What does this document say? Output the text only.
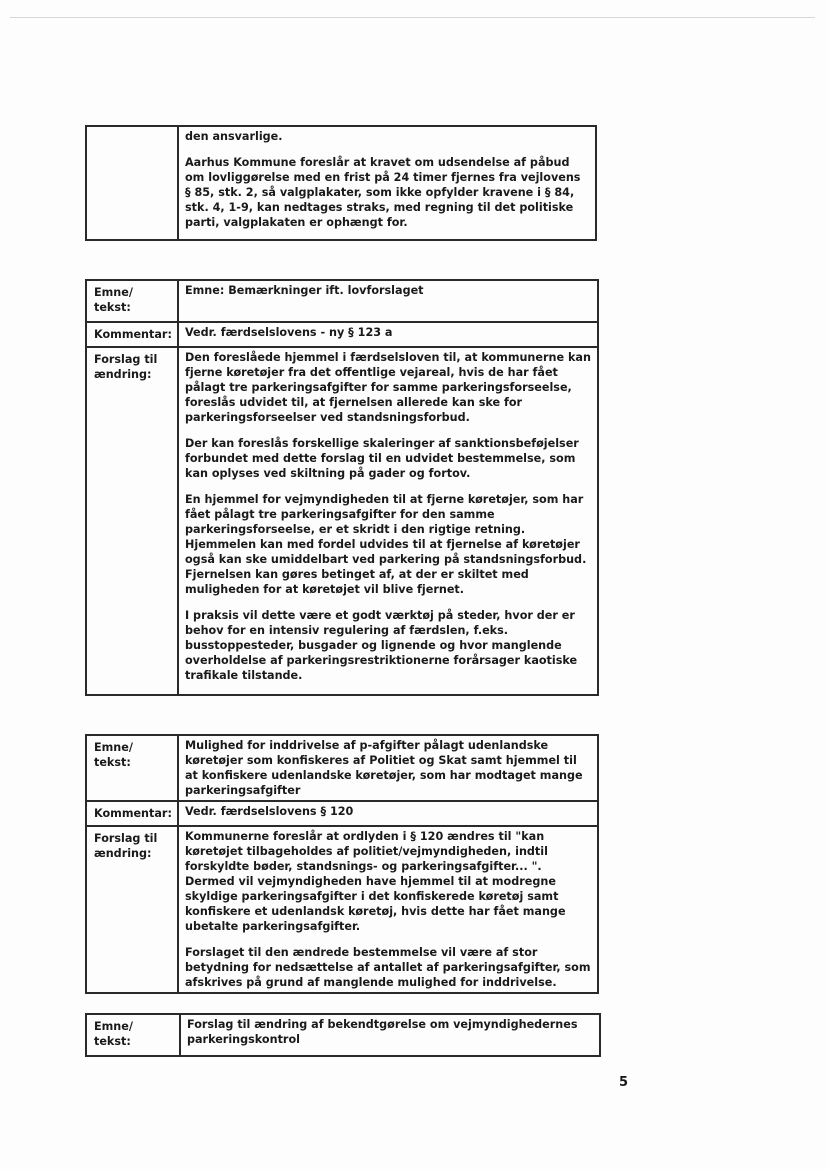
den ansvarlige.

Aarhus Kommune foreslår at kravet om udsendelse af påbud om lovliggørelse med en frist på 24 timer fjernes fra vejlovens § 85, stk. 2, så valgplakater, som ikke opfylder kravene i § 84, stk. 4, 1-9, kan nedtages straks, med regning til det politiske parti, valgplakaten er ophængt for.

Emne/ tekst:	Emne: Bemærkninger ift. lovforslaget
Kommentar:	Vedr. færdselslovens - ny § 123 a
Forslag til ændring:	Den foreslåede hjemmel i færdselsloven til, at kommunerne kan fjerne køretøjer fra det offentlige vejareal, hvis de har fået pålagt tre parkeringsafgifter for samme parkeringsforseelse, foreslås udvidet til, at fjernelsen allerede kan ske for parkeringsforseelser ved standsningsforbud.

Der kan foreslås forskellige skaleringer af sanktionsbeføjelser forbundet med dette forslag til en udvidet bestemmelse, som kan oplyses ved skiltning på gader og fortov.

En hjemmel for vejmyndigheden til at fjerne køretøjer, som har fået pålagt tre parkeringsafgifter for den samme parkeringsforseelse, er et skridt i den rigtige retning. Hjemmelen kan med fordel udvides til at fjernelse af køretøjer også kan ske umiddelbart ved parkering på standsningsforbud. Fjernelsen kan gøres betinget af, at der er skiltet med muligheden for at køretøjet vil blive fjernet.

I praksis vil dette være et godt værktøj på steder, hvor der er behov for en intensiv regulering af færdslen, f.eks. busstoppesteder, busgader og lignende og hvor manglende overholdelse af parkeringsrestriktionerne forårsager kaotiske trafikale tilstande.

Emne/ tekst:	Mulighed for inddrivelse af p-afgifter pålagt udenlandske køretøjer som konfiskeres af Politiet og Skat samt hjemmel til at konfiskere udenlandske køretøjer, som har modtaget mange parkeringsafgifter
Kommentar:	Vedr. færdselslovens § 120
Forslag til ændring:	Kommunerne foreslår at ordlyden i § 120 ændres til "kan køretøjet tilbageholdes af politiet/vejmyndigheden, indtil forskyldte bøder, standsnings- og parkeringsafgifter... ". Dermed vil vejmyndigheden have hjemmel til at modregne skyldige parkeringsafgifter i det konfiskerede køretøj samt konfiskere et udenlandsk køretøj, hvis dette har fået mange ubetalte parkeringsafgifter.

Forslaget til den ændrede bestemmelse vil være af stor betydning for nedsættelse af antallet af parkeringsafgifter, som afskrives på grund af manglende mulighed for inddrivelse.

Emne/ tekst:	Forslag til ændring af bekendtgørelse om vejmyndighedernes parkeringskontrol
5
